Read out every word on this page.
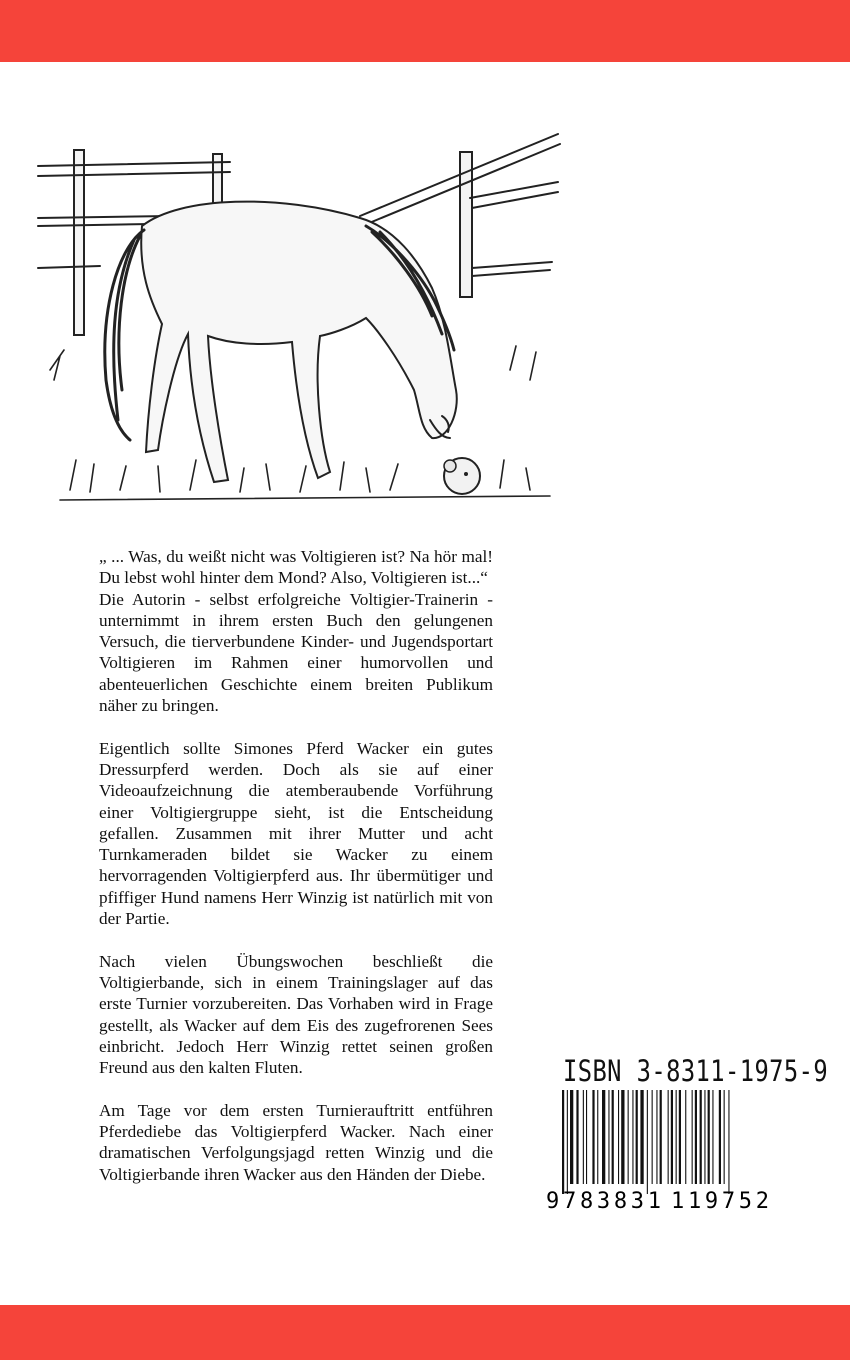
„ ... Was, du weißt nicht was Voltigieren ist? Na hör mal! Du lebst wohl hinter dem Mond? Also, Voltigieren ist...“

Die Autorin - selbst erfolgreiche Voltigier-Trainerin - unternimmt in ihrem ersten Buch den gelungenen Versuch, die tierverbundene Kinder- und Jugendsportart Voltigieren im Rahmen einer humorvollen und abenteuerlichen Geschichte einem breiten Publikum näher zu bringen.

Eigentlich sollte Simones Pferd Wacker ein gutes Dressurpferd werden. Doch als sie auf einer Videoaufzeichnung die atemberaubende Vorführung einer Voltigiergruppe sieht, ist die Entscheidung gefallen. Zusammen mit ihrer Mutter und acht Turnkameraden bildet sie Wacker zu einem hervorragenden Voltigierpferd aus. Ihr übermütiger und pfiffiger Hund namens Herr Winzig ist natürlich mit von der Partie.

Nach vielen Übungswochen beschließt die Voltigierbande, sich in einem Trainingslager auf das erste Turnier vorzubereiten. Das Vorhaben wird in Frage gestellt, als Wacker auf dem Eis des zugefrorenen Sees einbricht. Jedoch Herr Winzig rettet seinen großen Freund aus den kalten Fluten.

Am Tage vor dem ersten Turnierauftritt entführen Pferdediebe das Voltigierpferd Wacker. Nach einer dramatischen Verfolgungsjagd retten Winzig und die Voltigierbande ihren Wacker aus den Händen der Diebe.

ISBN 3-8311-1975-9
9 783831 119752
